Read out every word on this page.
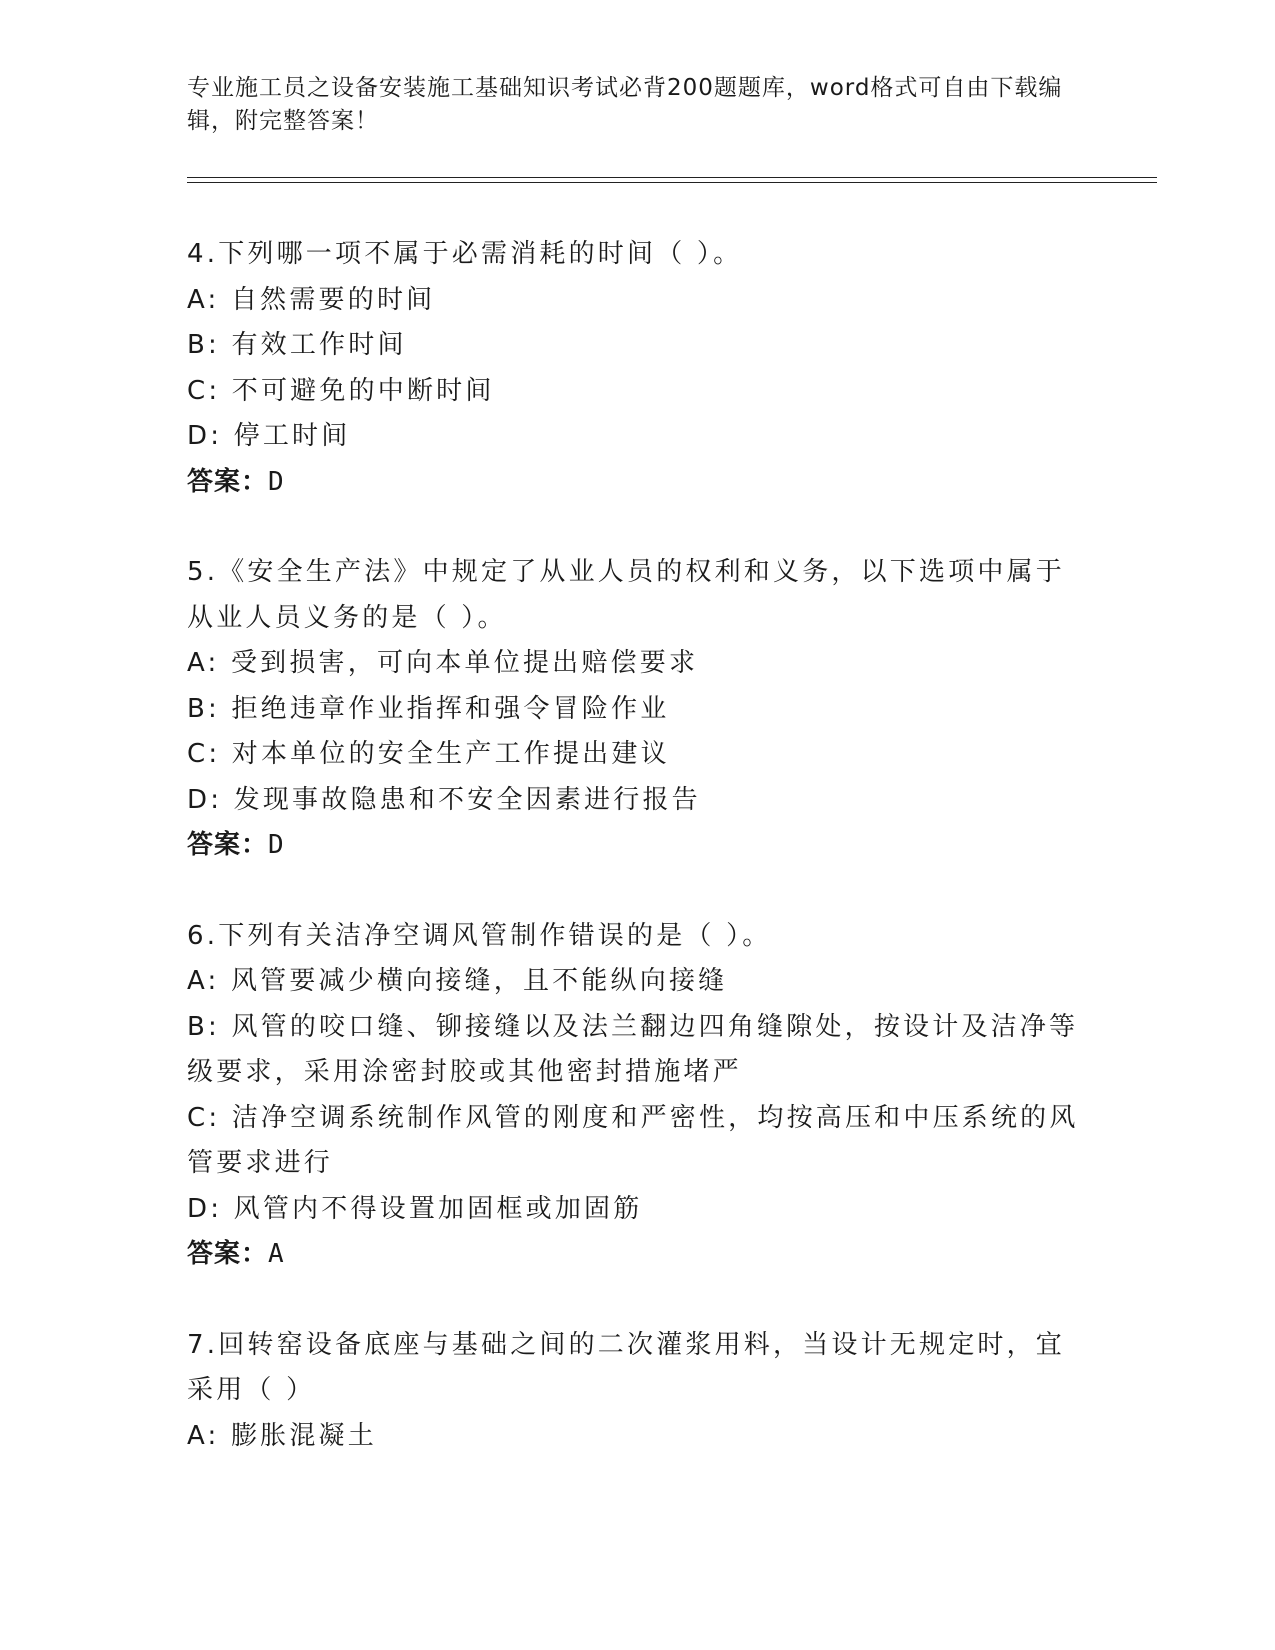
专业施工员之设备安装施工基础知识考试必背200题题库，word格式可自由下载编辑，附完整答案！

4.下列哪一项不属于必需消耗的时间（ ）。

A: 自然需要的时间

B: 有效工作时间

C: 不可避免的中断时间

D: 停工时间

答案：D

5.《安全生产法》中规定了从业人员的权利和义务，以下选项中属于从业人员义务的是（ ）。

A: 受到损害，可向本单位提出赔偿要求

B: 拒绝违章作业指挥和强令冒险作业

C: 对本单位的安全生产工作提出建议

D: 发现事故隐患和不安全因素进行报告

答案：D

6.下列有关洁净空调风管制作错误的是（ ）。

A: 风管要减少横向接缝，且不能纵向接缝

B: 风管的咬口缝、铆接缝以及法兰翻边四角缝隙处，按设计及洁净等级要求，采用涂密封胶或其他密封措施堵严

C: 洁净空调系统制作风管的刚度和严密性，均按高压和中压系统的风管要求进行

D: 风管内不得设置加固框或加固筋

答案：A

7.回转窑设备底座与基础之间的二次灌浆用料，当设计无规定时，宜采用（ ）

A: 膨胀混凝土
